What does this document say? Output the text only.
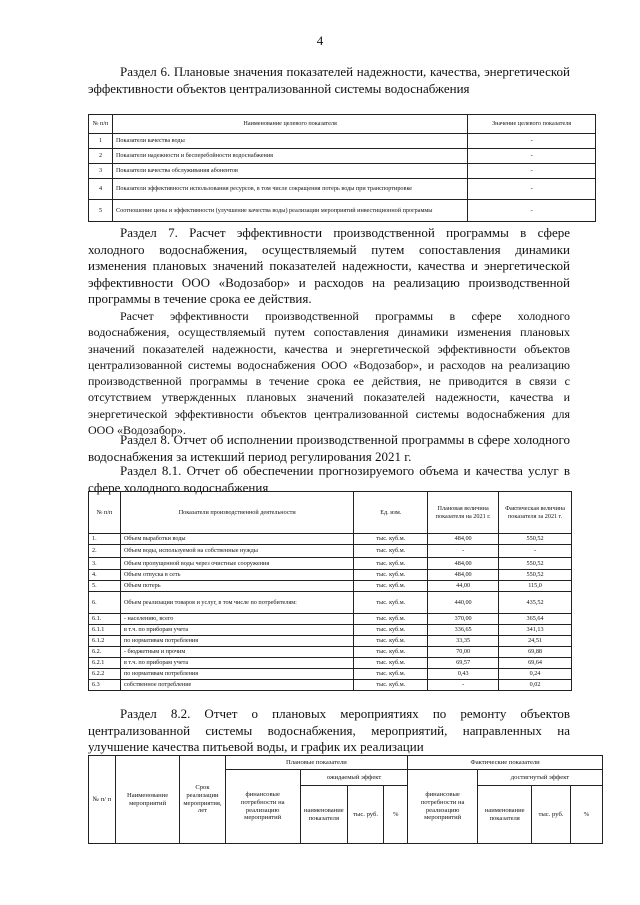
4
Раздел 6. Плановые значения показателей надежности, качества, энергетической эффективности объектов централизованной системы водоснабжения
№ п/п	Наименование целевого показателя	Значение целевого показателя
1	Показатели качества воды	-
2	Показатели надежности и бесперебойности водоснабжения	-
3	Показатели качества обслуживания абонентов	-
4	Показатели эффективности использования ресурсов, в том числе сокращения потерь воды при транспортировке	-
5	Соотношение цены и эффективности (улучшение качества воды) реализации мероприятий инвестиционной программы	-
Раздел 7. Расчет эффективности производственной программы в сфере холодного водоснабжения, осуществляемый путем сопоставления динамики изменения плановых значений показателей надежности, качества и энергетической эффективности ООО «Водозабор» и расходов на реализацию производственной программы в течение срока ее действия.
Расчет эффективности производственной программы в сфере холодного водоснабжения, осуществляемый путем сопоставления динамики изменения плановых значений показателей надежности, качества и энергетической эффективности объектов централизованной системы водоснабжения ООО «Водозабор», и расходов на реализацию производственной программы в течение срока ее действия, не приводится в связи с отсутствием утвержденных плановых значений показателей надежности, качества и энергетической эффективности объектов централизованной системы водоснабжения для ООО «Водозабор».
Раздел 8. Отчет об исполнении производственной программы в сфере холодного водоснабжения за истекший период регулирования 2021 г.
Раздел 8.1. Отчет об обеспечении прогнозируемого объема и качества услуг в сфере холодного водоснабжения
№ п/п	Показатели производственной деятельности	Ед. изм.	Плановая величина показателя на 2021 г.	Фактическая величина показателя за 2021 г.
1.	Объем выработки воды	тыс. куб.м.	484,00	550,52
2.	Объем воды, используемой на собственные нужды	тыс. куб.м.	-	-
3.	Объем пропущенной воды через очистные сооружения	тыс. куб.м.	484,00	550,52
4.	Объем отпуска в сеть	тыс. куб.м.	484,00	550,52
5.	Объем потерь	тыс. куб.м.	44,00	115,0
6.	Объем реализации товаров и услуг, в том числе по потребителям:	тыс. куб.м.	440,00	435,52
6.1.	- населению, всего	тыс. куб.м.	370,00	365,64
6.1.1	в т.ч. по приборам учета	тыс. куб.м.	336,65	341,13
6.1.2	по нормативам потребления	тыс. куб.м.	33,35	24,51
6.2.	- бюджетным и прочим	тыс. куб.м.	70,00	69,88
6.2.1	в т.ч. по приборам учета	тыс. куб.м.	69,57	69,64
6.2.2	по нормативам потребления	тыс. куб.м.	0,43	0,24
6.3	собственное потребление	тыс. куб.м.	-	0,02
Раздел 8.2. Отчет о плановых мероприятиях по ремонту объектов централизованной системы водоснабжения, мероприятий, направленных на улучшение качества питьевой воды, и график их реализации
№ п/ п	Наименование мероприятий	Срок реализации мероприятия, лет	Плановые показатели				Фактические показатели			
			финансовые потребности на реализацию мероприятий	ожидаемый эффект			финансовые потребности на реализацию мероприятий	достигнутый эффект		
				наименование показателя	тыс. руб.	%		наименование показателя	тыс. руб.	%
